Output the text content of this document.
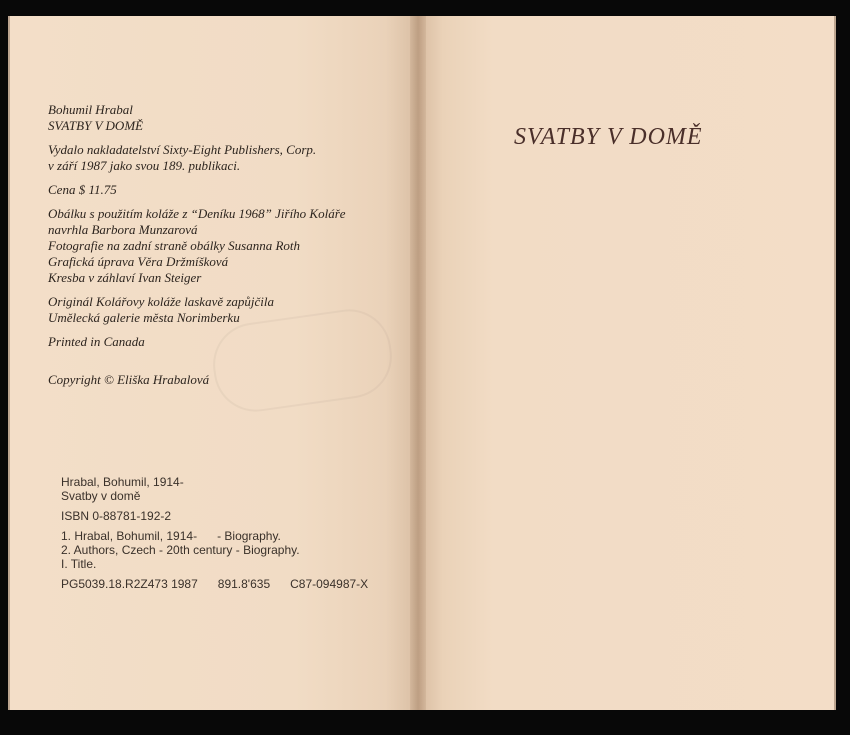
Bohumil Hrabal

SVATBY V DOMĚ

Vydalo nakladatelství Sixty-Eight Publishers, Corp.

v září 1987 jako svou 189. publikaci.

Cena $ 11.75

Obálku s použitím koláže z “Deníku 1968” Jiřího Koláře

navrhla Barbora Munzarová

Fotografie na zadní straně obálky Susanna Roth

Grafická úprava Věra Držmíšková

Kresba v záhlaví Ivan Steiger

Originál Kolářovy koláže laskavě zapůjčila

Umělecká galerie města Norimberku

Printed in Canada

Copyright © Eliška Hrabalová

Hrabal, Bohumil, 1914-

Svatby v domě

ISBN 0-88781-192-2

1. Hrabal, Bohumil, 1914-      - Biography.

2. Authors, Czech - 20th century - Biography.

I. Title.

PG5039.18.R2Z473 1987      891.8'635      C87-094987-X

SVATBY V DOMĚ
